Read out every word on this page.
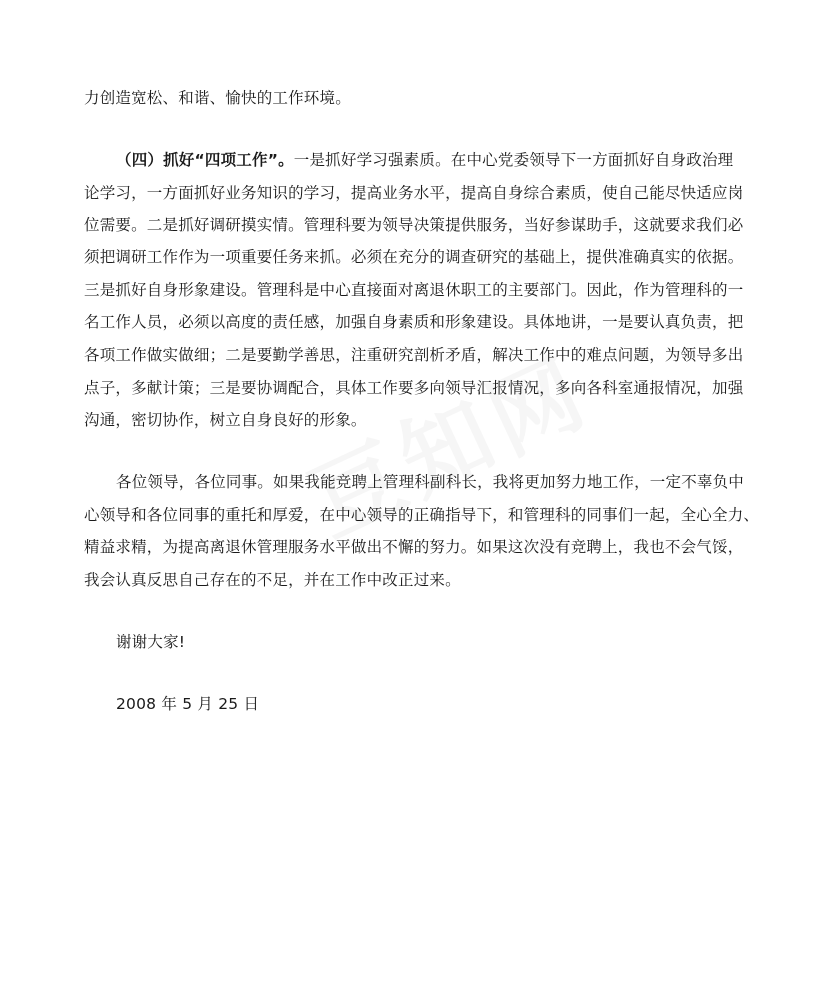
力创造宽松、和谐、愉快的工作环境。
（四）抓好“四项工作”。一是抓好学习强素质。在中心党委领导下一方面抓好自身政治理
论学习，一方面抓好业务知识的学习，提高业务水平，提高自身综合素质，使自己能尽快适应岗
位需要。二是抓好调研摸实情。管理科要为领导决策提供服务，当好参谋助手，这就要求我们必
须把调研工作作为一项重要任务来抓。必须在充分的调查研究的基础上，提供准确真实的依据。
三是抓好自身形象建设。管理科是中心直接面对离退休职工的主要部门。因此，作为管理科的一
名工作人员，必须以高度的责任感，加强自身素质和形象建设。具体地讲，一是要认真负责，把
各项工作做实做细；二是要勤学善思，注重研究剖析矛盾，解决工作中的难点问题，为领导多出
点子，多献计策；三是要协调配合，具体工作要多向领导汇报情况，多向各科室通报情况，加强
沟通，密切协作，树立自身良好的形象。
各位领导，各位同事。如果我能竞聘上管理科副科长，我将更加努力地工作，一定不辜负中
心领导和各位同事的重托和厚爱，在中心领导的正确指导下，和管理科的同事们一起，全心全力、
精益求精，为提高离退休管理服务水平做出不懈的努力。如果这次没有竞聘上，我也不会气馁，
我会认真反思自己存在的不足，并在工作中改正过来。
谢谢大家!
2008 年 5 月 25 日
